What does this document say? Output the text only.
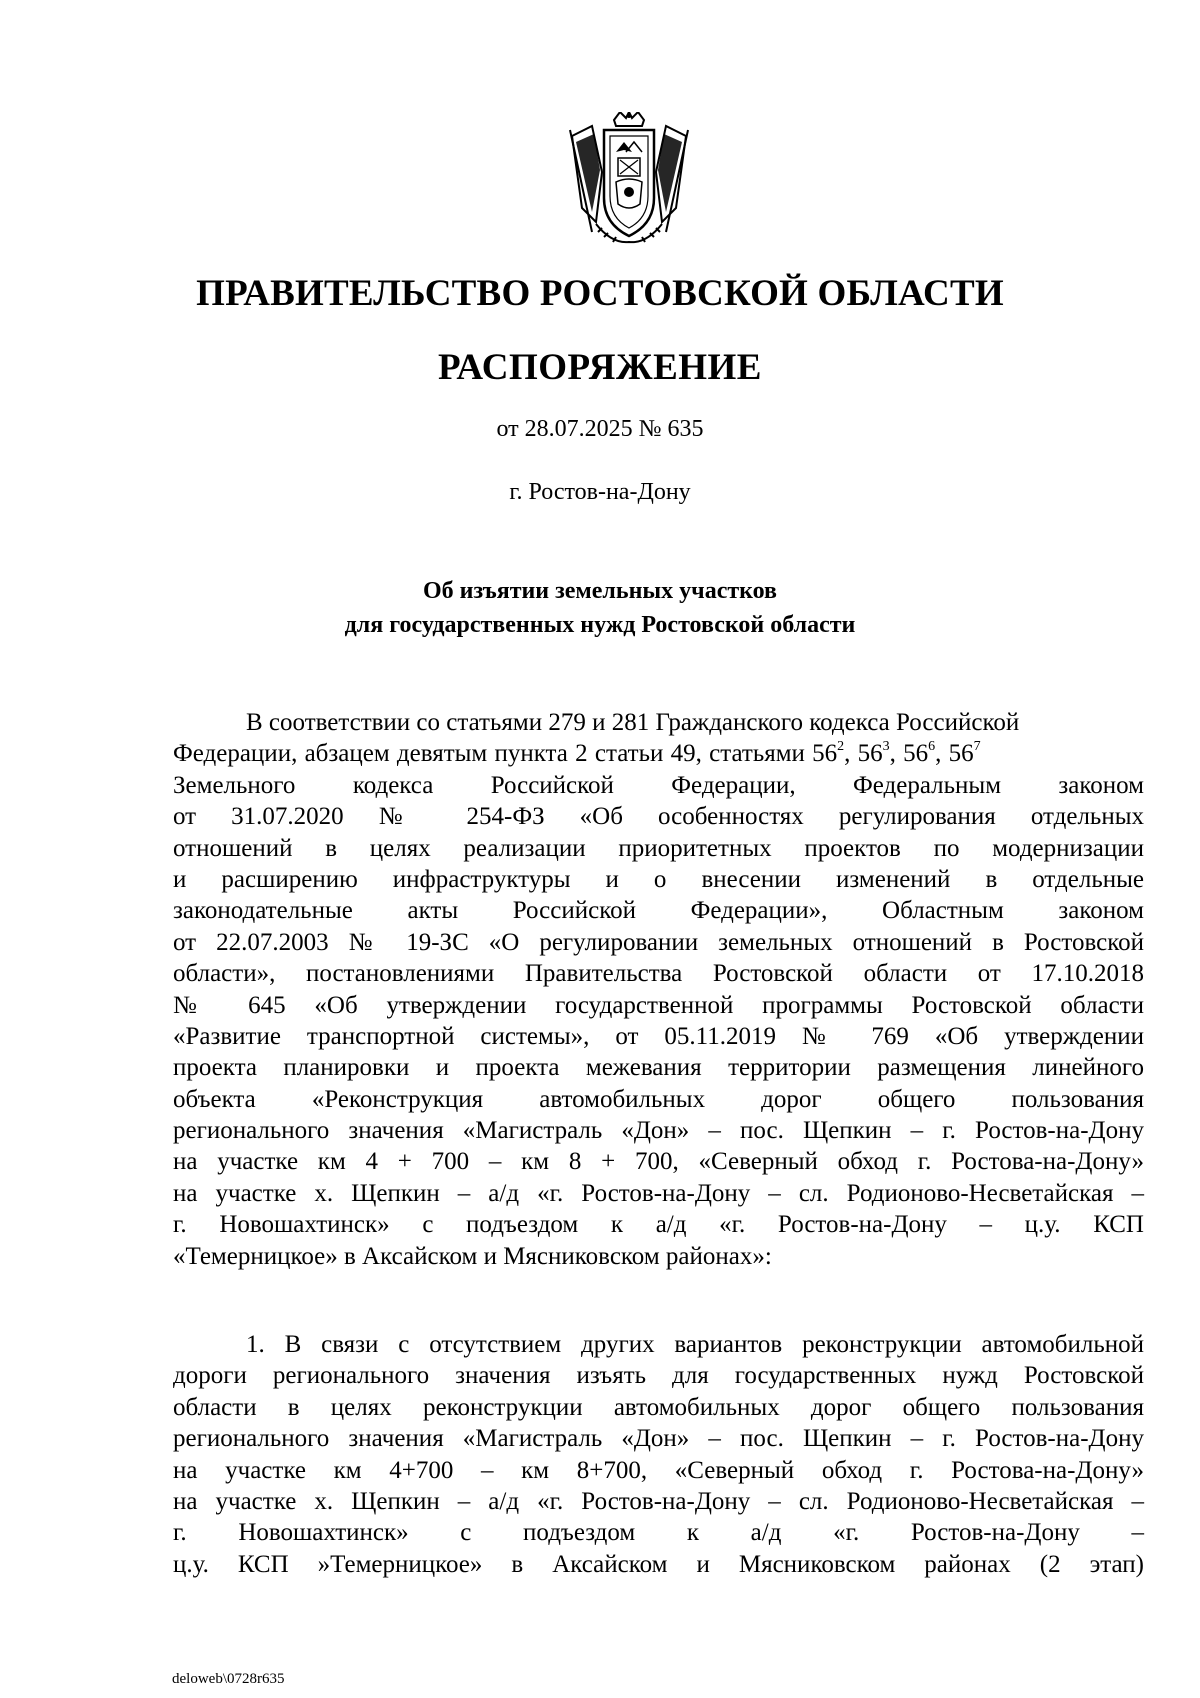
ПРАВИТЕЛЬСТВО РОСТОВСКОЙ ОБЛАСТИ
РАСПОРЯЖЕНИЕ
от 28.07.2025 № 635
г. Ростов-на-Дону
Об изъятии земельных участков
для государственных нужд Ростовской области
В соответствии со статьями 279 и 281 Гражданского кодекса Российской
Федерации, абзацем девятым пункта 2 статьи 49, статьями $56^2$, $56^3$, $56^6$, $56^7$
Земельного кодекса Российской Федерации, Федеральным законом
от 31.07.2020 № 254-ФЗ «Об особенностях регулирования отдельных
отношений в целях реализации приоритетных проектов по модернизации
и расширению инфраструктуры и о внесении изменений в отдельные
законодательные акты Российской Федерации», Областным законом
от 22.07.2003 № 19-ЗС «О регулировании земельных отношений в Ростовской
области», постановлениями Правительства Ростовской области от 17.10.2018
№ 645 «Об утверждении государственной программы Ростовской области
«Развитие транспортной системы», от 05.11.2019 № 769 «Об утверждении
проекта планировки и проекта межевания территории размещения линейного
объекта «Реконструкция автомобильных дорог общего пользования
регионального значения «Магистраль «Дон» – пос. Щепкин – г. Ростов-на-Дону
на участке км 4 + 700 – км 8 + 700, «Северный обход г. Ростова-на-Дону»
на участке х. Щепкин – а/д «г. Ростов-на-Дону – сл. Родионово-Несветайская –
г. Новошахтинск» с подъездом к а/д «г. Ростов-на-Дону – ц.у. КСП
«Темерницкое» в Аксайском и Мясниковском районах»:
1. В связи с отсутствием других вариантов реконструкции автомобильной
дороги регионального значения изъять для государственных нужд Ростовской
области в целях реконструкции автомобильных дорог общего пользования
регионального значения «Магистраль «Дон» – пос. Щепкин – г. Ростов-на-Дону
на участке км 4+700 – км 8+700, «Северный обход г. Ростова-на-Дону»
на участке х. Щепкин – а/д «г. Ростов-на-Дону – сл. Родионово-Несветайская –
г. Новошахтинск» с подъездом к а/д «г. Ростов-на-Дону –
ц.у. КСП »Темерницкое» в Аксайском и Мясниковском районах (2 этап)
deloweb\0728r635
